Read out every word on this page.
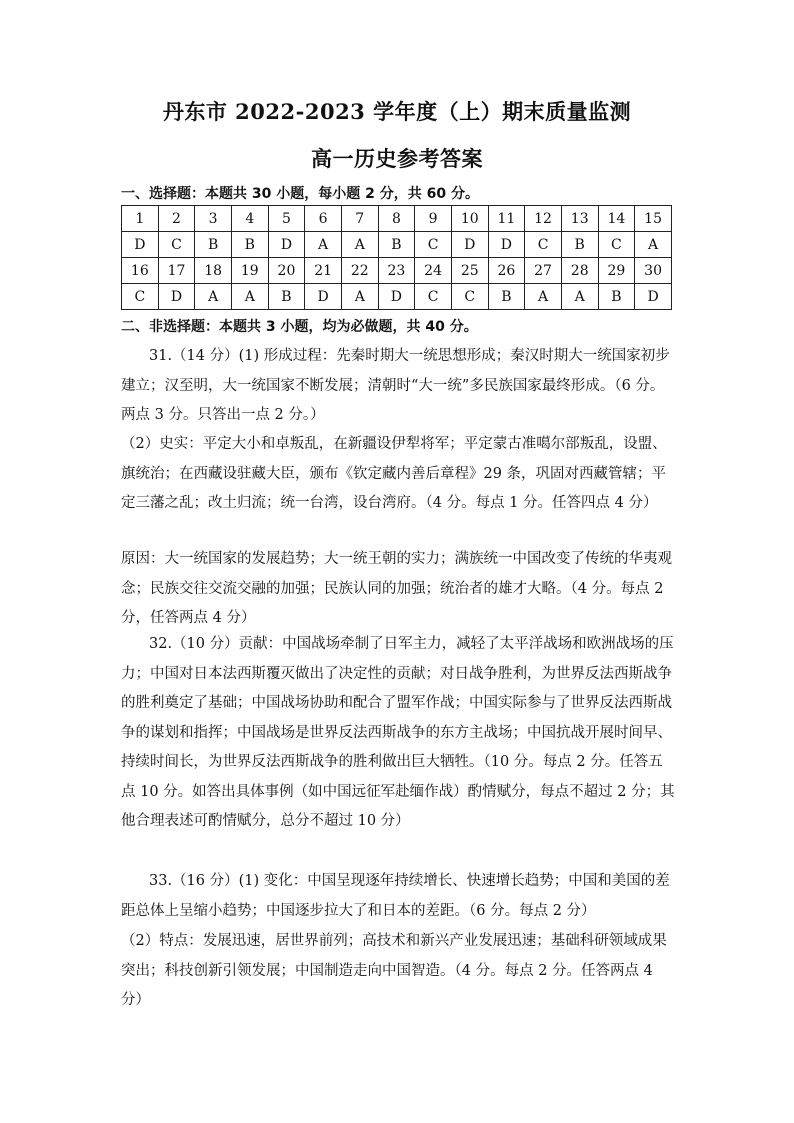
丹东市 2022-2023 学年度（上）期末质量监测
高一历史参考答案
一、选择题：本题共 30 小题，每小题 2 分，共 60 分。
1	2	3	4	5	6	7	8	9	10	11	12	13	14	15
D	C	B	B	D	A	A	B	C	D	D	C	B	C	A
16	17	18	19	20	21	22	23	24	25	26	27	28	29	30
C	D	A	A	B	D	A	D	C	C	B	A	A	B	D
二、非选择题：本题共 3 小题，均为必做题，共 40 分。

31.（14 分）(1) 形成过程：先秦时期大一统思想形成；秦汉时期大一统国家初步建立；汉至明，大一统国家不断发展；清朝时“大一统”多民族国家最终形成。（6 分。两点 3 分。只答出一点 2 分。）

（2）史实：平定大小和卓叛乱，在新疆设伊犁将军；平定蒙古准噶尔部叛乱，设盟、旗统治；在西藏设驻藏大臣，颁布《钦定藏内善后章程》29 条，巩固对西藏管辖；平定三藩之乱；改土归流；统一台湾，设台湾府。（4 分。每点 1 分。任答四点 4 分）

原因：大一统国家的发展趋势；大一统王朝的实力；满族统一中国改变了传统的华夷观念；民族交往交流交融的加强；民族认同的加强；统治者的雄才大略。（4 分。每点 2 分，任答两点 4 分）

32.（10 分）贡献：中国战场牵制了日军主力，减轻了太平洋战场和欧洲战场的压力；中国对日本法西斯覆灭做出了决定性的贡献；对日战争胜利，为世界反法西斯战争的胜利奠定了基础；中国战场协助和配合了盟军作战；中国实际参与了世界反法西斯战争的谋划和指挥；中国战场是世界反法西斯战争的东方主战场；中国抗战开展时间早、持续时间长，为世界反法西斯战争的胜利做出巨大牺牲。（10 分。每点 2 分。任答五点 10 分。如答出具体事例（如中国远征军赴缅作战）酌情赋分，每点不超过 2 分；其他合理表述可酌情赋分，总分不超过 10 分）

33.（16 分）(1) 变化：中国呈现逐年持续增长、快速增长趋势；中国和美国的差距总体上呈缩小趋势；中国逐步拉大了和日本的差距。（6 分。每点 2 分）

（2）特点：发展迅速，居世界前列；高技术和新兴产业发展迅速；基础科研领域成果突出；科技创新引领发展；中国制造走向中国智造。（4 分。每点 2 分。任答两点 4 分）
